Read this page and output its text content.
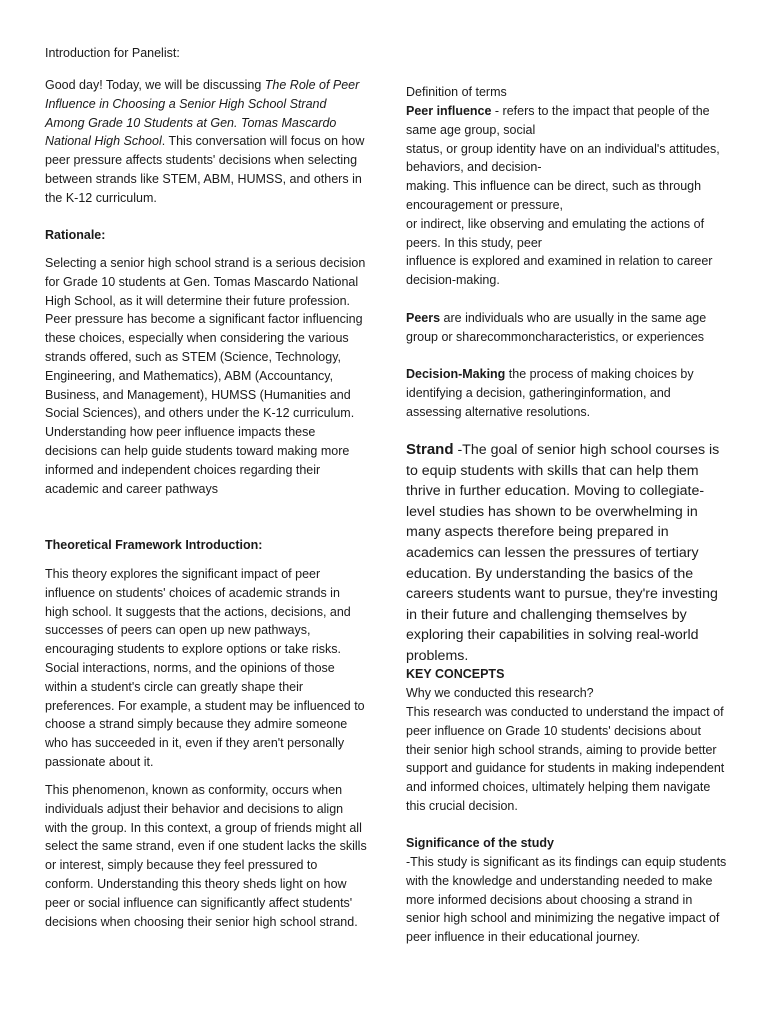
Introduction for Panelist:

Good day! Today, we will be discussing The Role of Peer Influence in Choosing a Senior High School Strand Among Grade 10 Students at Gen. Tomas Mascardo National High School. This conversation will focus on how peer pressure affects students' decisions when selecting between strands like STEM, ABM, HUMSS, and others in the K-12 curriculum.

Rationale:

Selecting a senior high school strand is a serious decision for Grade 10 students at Gen. Tomas Mascardo National High School, as it will determine their future profession. Peer pressure has become a significant factor influencing these choices, especially when considering the various strands offered, such as STEM (Science, Technology, Engineering, and Mathematics), ABM (Accountancy, Business, and Management), HUMSS (Humanities and Social Sciences), and others under the K-12 curriculum. Understanding how peer influence impacts these decisions can help guide students toward making more informed and independent choices regarding their academic and career pathways

Theoretical Framework Introduction:

This theory explores the significant impact of peer influence on students' choices of academic strands in high school. It suggests that the actions, decisions, and successes of peers can open up new pathways, encouraging students to explore options or take risks. Social interactions, norms, and the opinions of those within a student's circle can greatly shape their preferences. For example, a student may be influenced to choose a strand simply because they admire someone who has succeeded in it, even if they aren't personally passionate about it.

This phenomenon, known as conformity, occurs when individuals adjust their behavior and decisions to align with the group. In this context, a group of friends might all select the same strand, even if one student lacks the skills or interest, simply because they feel pressured to conform. Understanding this theory sheds light on how peer or social influence can significantly affect students' decisions when choosing their senior high school strand.

Definition of terms

Peer influence - refers to the impact that people of the same age group, social
status, or group identity have on an individual's attitudes, behaviors, and decision-
making. This influence can be direct, such as through encouragement or pressure,
or indirect, like observing and emulating the actions of peers. In this study, peer
influence is explored and examined in relation to career decision-making.

Peers are individuals who are usually in the same age group or sharecommoncharacteristics, or experiences

Decision-Making the process of making choices by identifying a decision, gatheringinformation, and assessing alternative resolutions.

Strand -The goal of senior high school courses is to equip students with skills that can help them thrive in further education. Moving to collegiate-level studies has shown to be overwhelming in many aspects therefore being prepared in academics can lessen the pressures of tertiary education. By understanding the basics of the careers students want to pursue, they're investing in their future and challenging themselves by exploring their capabilities in solving real-world problems.

KEY CONCEPTS

Why we conducted this research?

This research was conducted to understand the impact of peer influence on Grade 10 students' decisions about their senior high school strands, aiming to provide better support and guidance for students in making independent and informed choices, ultimately helping them navigate this crucial decision.

Significance of the study

-This study is significant as its findings can equip students with the knowledge and understanding needed to make more informed decisions about choosing a strand in senior high school and minimizing the negative impact of peer influence in their educational journey.
